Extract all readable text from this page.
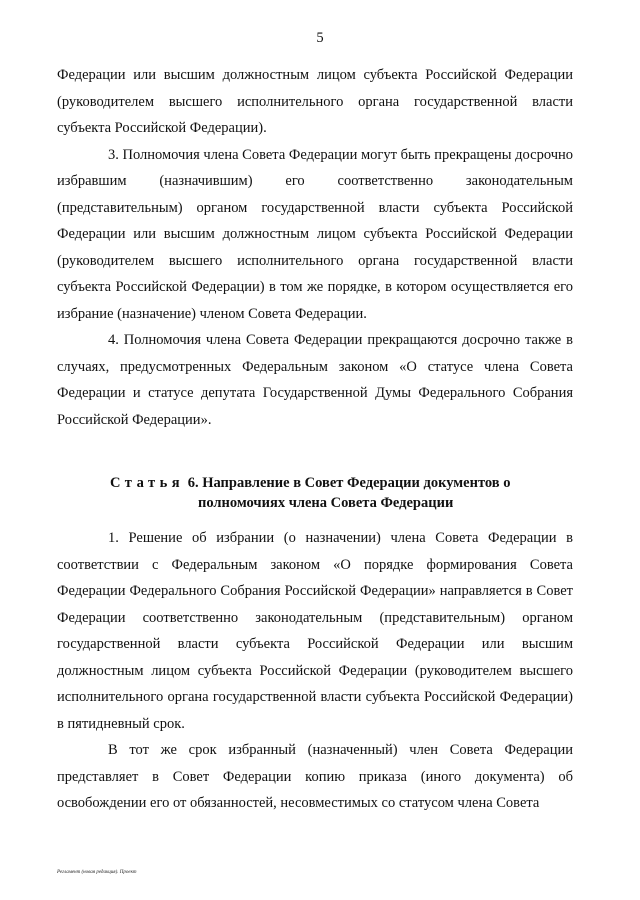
5

Федерации или высшим должностным лицом субъекта Российской Федерации (руководителем высшего исполнительного органа государственной власти субъекта Российской Федерации).

3. Полномочия члена Совета Федерации могут быть прекращены досрочно избравшим (назначившим) его соответственно законодательным (представительным) органом государственной власти субъекта Российской Федерации или высшим должностным лицом субъекта Российской Федерации (руководителем высшего исполнительного органа государственной власти субъекта Российской Федерации) в том же порядке, в котором осуществляется его избрание (назначение) членом Совета Федерации.

4. Полномочия члена Совета Федерации прекращаются досрочно также в случаях, предусмотренных Федеральным законом «О статусе члена Совета Федерации и статусе депутата Государственной Думы Федерального Собрания Российской Федерации».

Статья 6. Направление в Совет Федерации документов о
полномочиях члена Совета Федерации

1. Решение об избрании (о назначении) члена Совета Федерации в соответствии с Федеральным законом «О порядке формирования Совета Федерации Федерального Собрания Российской Федерации» направляется в Совет Федерации соответственно законодательным (представительным) органом государственной власти субъекта Российской Федерации или высшим должностным лицом субъекта Российской Федерации (руководителем высшего исполнительного органа государственной власти субъекта Российской Федерации) в пятидневный срок.

В тот же срок избранный (назначенный) член Совета Федерации представляет в Совет Федерации копию приказа (иного документа) об освобождении его от обязанностей, несовместимых со статусом члена Совета

Регламент (новая редакция). Проект
